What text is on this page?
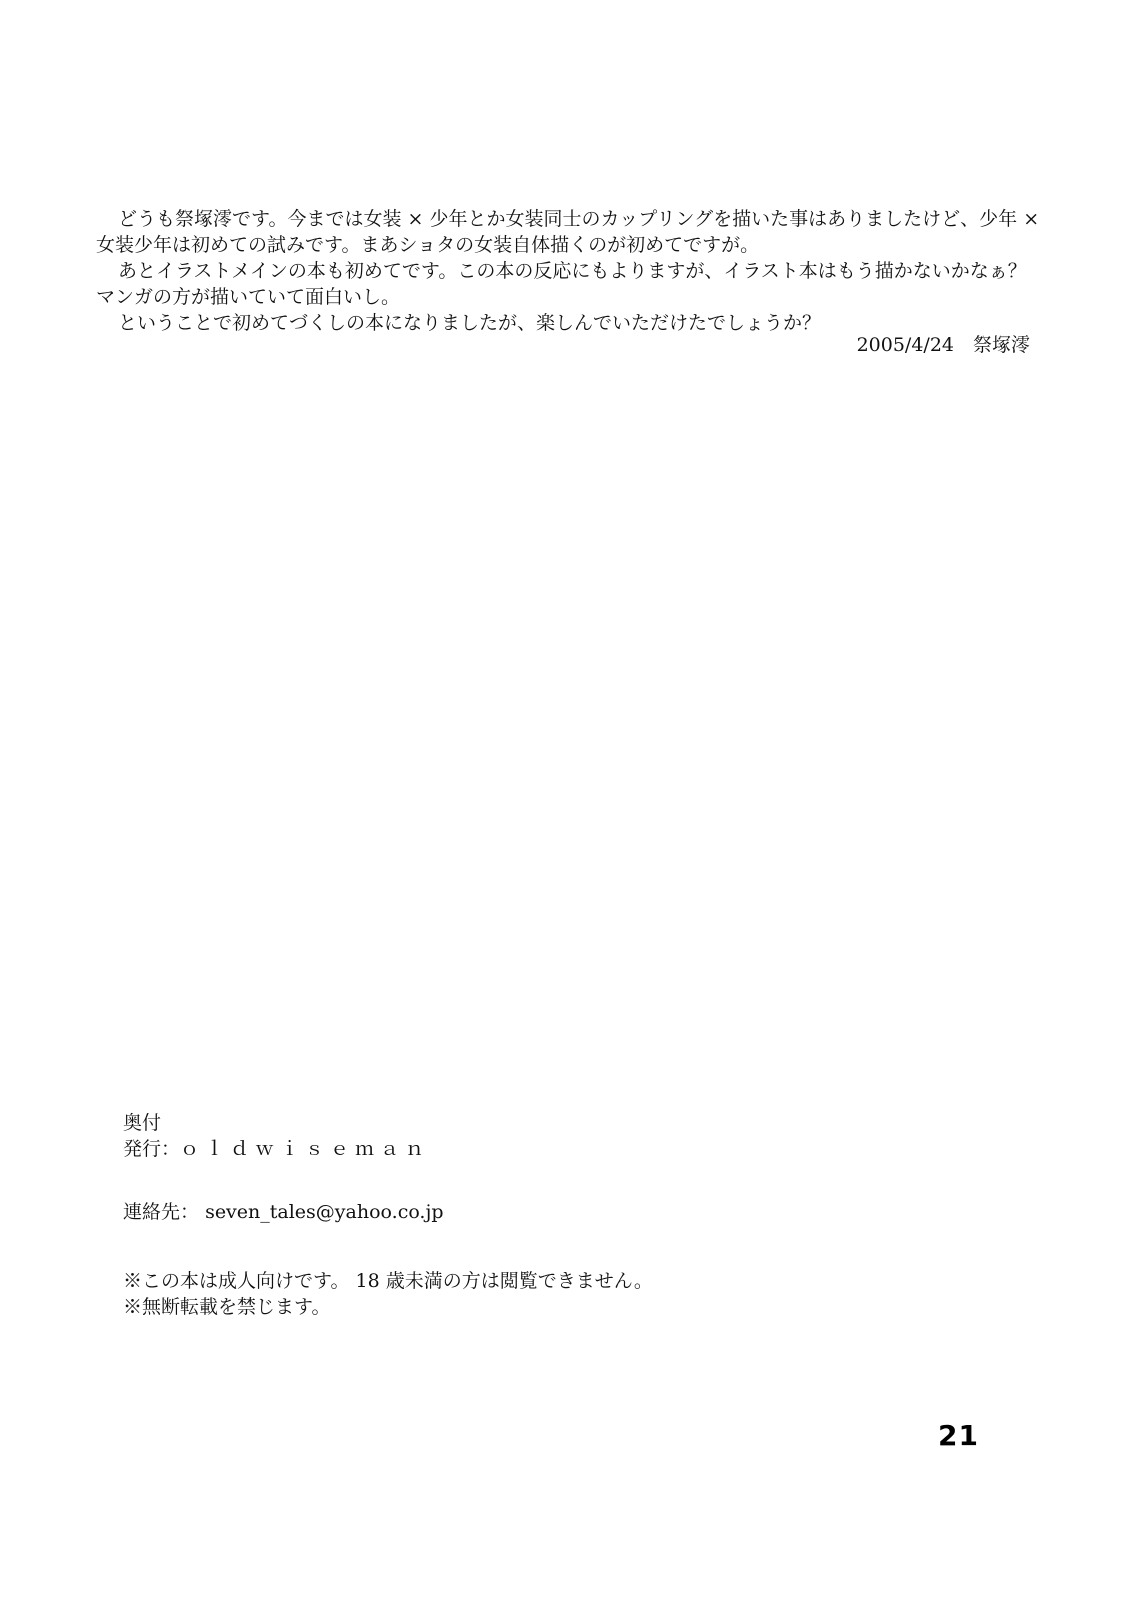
どうも祭塚澪です。今までは女装 × 少年とか女装同士のカップリングを描いた事はありましたけど、少年 ×

女装少年は初めての試みです。まあショタの女装自体描くのが初めてですが。

あとイラストメインの本も初めてです。この本の反応にもよりますが、イラスト本はもう描かないかなぁ？

マンガの方が描いていて面白いし。

ということで初めてづくしの本になりましたが、楽しんでいただけたでしょうか？

2005/4/24　祭塚澪
奥付
発行：ｏｌｄｗｉｓｅｍａｎ
連絡先： seven_tales@yahoo.co.jp
※この本は成人向けです。 18 歳未満の方は閲覧できません。
※無断転載を禁じます。
21
